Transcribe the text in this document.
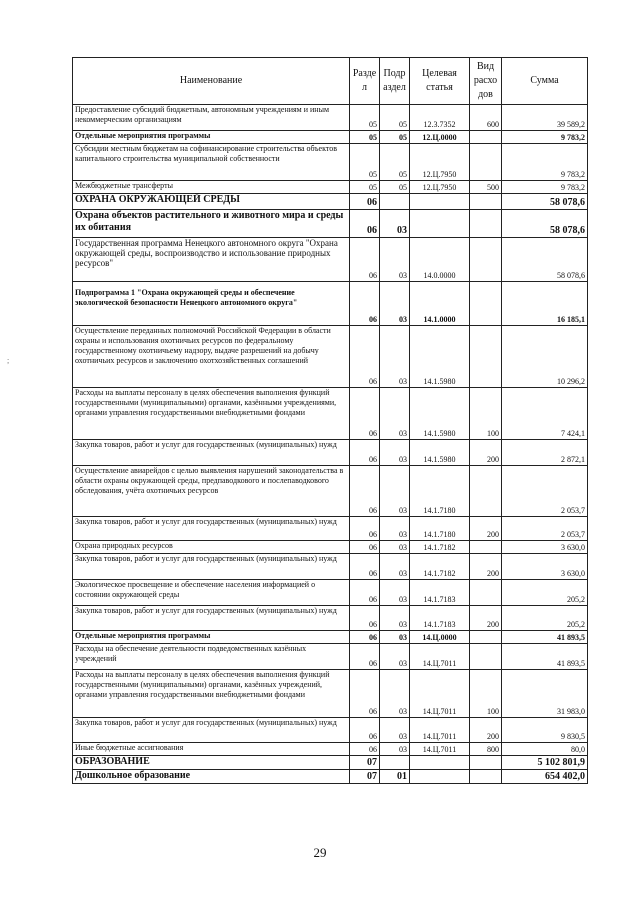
Наименование	Разде л	Подр аздел	Целевая статья	Вид расхо дов	Сумма
Предоставление субсидий бюджетным, автономным учреждениям и иным некоммерческим организациям	05	05	12.3.7352	600	39 589,2
Отдельные мероприятия программы	05	05	12.Ц.0000		9 783,2
Субсидии местным бюджетам на софинансирование строительства объектов капитального строительства муниципальной собственности	05	05	12.Ц.7950		9 783,2
Межбюджетные трансферты	05	05	12.Ц.7950	500	9 783,2
ОХРАНА ОКРУЖАЮЩЕЙ СРЕДЫ	06				58 078,6
Охрана объектов растительного и животного мира и среды их обитания	06	03			58 078,6
Государственная программа Ненецкого автономного округа "Охрана окружающей среды, воспроизводство и использование природных ресурсов"	06	03	14.0.0000		58 078,6
Подпрограмма 1 "Охрана окружающей среды и обеспечение экологической безопасности Ненецкого автономного округа"	06	03	14.1.0000		16 185,1
Осуществление переданных полномочий Российской Федерации в области охраны и использования охотничьих ресурсов по федеральному государственному охотничьему надзору, выдаче разрешений на добычу охотничьих ресурсов и заключению охотхозяйственных соглашений	06	03	14.1.5980		10 296,2
Расходы на выплаты персоналу в целях обеспечения выполнения функций государственными (муниципальными) органами, казёнными учреждениями, органами управления государственными внебюджетными фондами	06	03	14.1.5980	100	7 424,1
Закупка товаров, работ и услуг для государственных (муниципальных) нужд	06	03	14.1.5980	200	2 872,1
Осуществление авиарейдов с целью выявления нарушений законодательства в области охраны окружающей среды, предпаводкового и послепаводкового обследования, учёта охотничьих ресурсов	06	03	14.1.7180		2 053,7
Закупка товаров, работ и услуг для государственных (муниципальных) нужд	06	03	14.1.7180	200	2 053,7
Охрана природных ресурсов	06	03	14.1.7182		3 630,0
Закупка товаров, работ и услуг для государственных (муниципальных) нужд	06	03	14.1.7182	200	3 630,0
Экологическое просвещение и обеспечение населения информацией о состоянии окружающей среды	06	03	14.1.7183		205,2
Закупка товаров, работ и услуг для государственных (муниципальных) нужд	06	03	14.1.7183	200	205,2
Отдельные мероприятия программы	06	03	14.Ц.0000		41 893,5
Расходы на обеспечение деятельности подведомственных казённых учреждений	06	03	14.Ц.7011		41 893,5
Расходы на выплаты персоналу в целях обеспечения выполнения функций государственными (муниципальными) органами, казённых учреждений, органами управления государственными внебюджетными фондами	06	03	14.Ц.7011	100	31 983,0
Закупка товаров, работ и услуг для государственных (муниципальных) нужд	06	03	14.Ц.7011	200	9 830,5
Иные бюджетные ассигнования	06	03	14.Ц.7011	800	80,0
ОБРАЗОВАНИЕ	07				5 102 801,9
Дошкольное образование	07	01			654 402,0
;
29
